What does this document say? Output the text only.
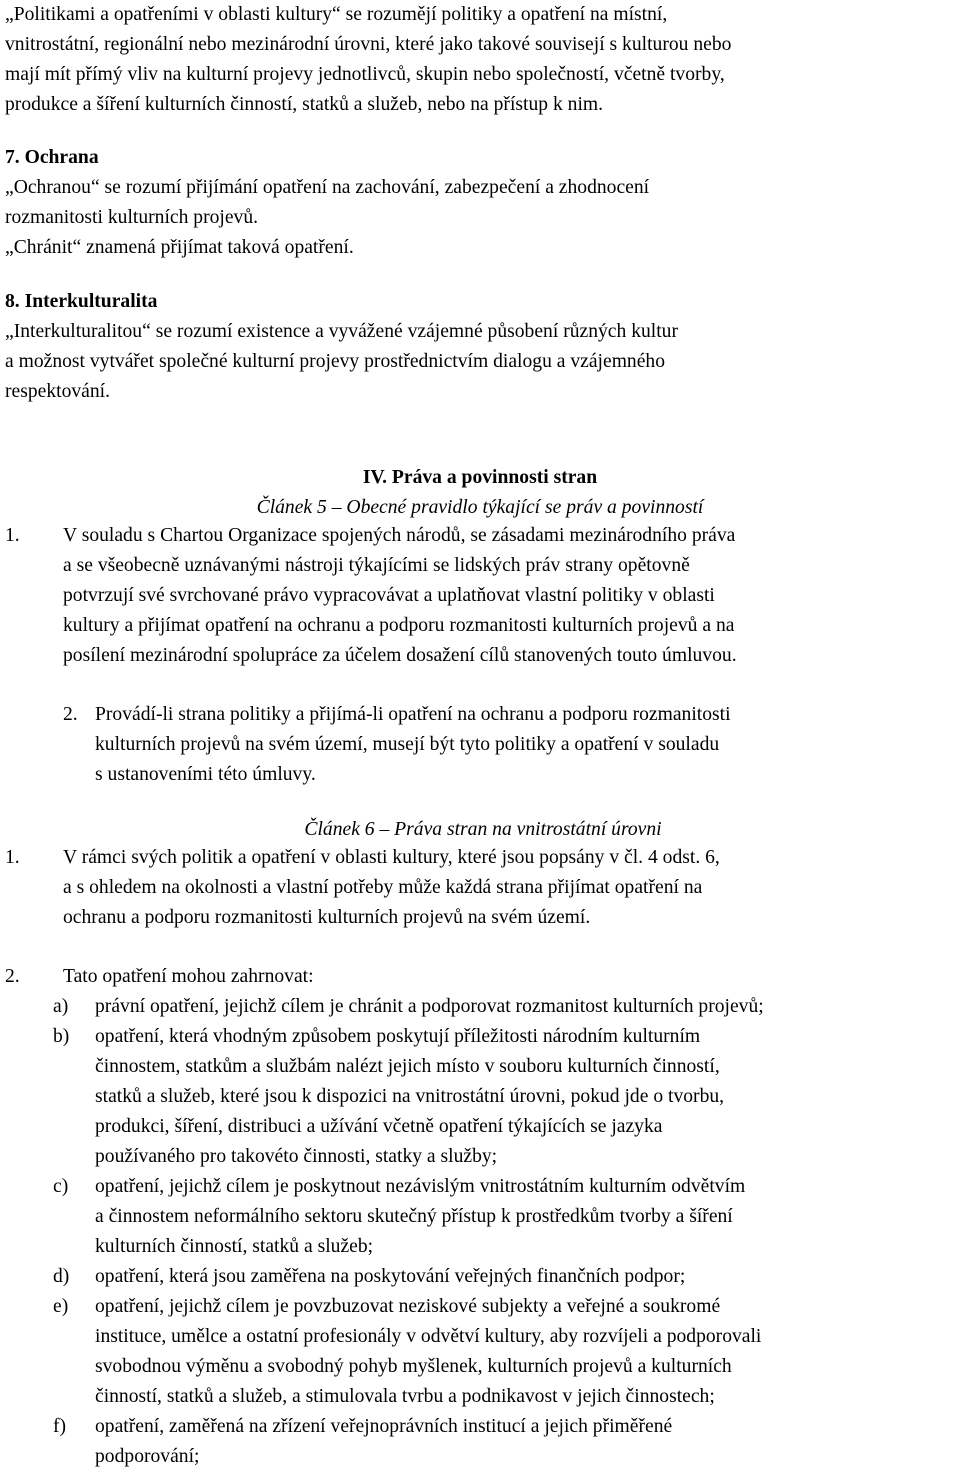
„Politikami a opatřeními v oblasti kultury“ se rozumějí politiky a opatření na místní,
vnitrostátní, regionální nebo mezinárodní úrovni, které jako takové souvisejí s kulturou nebo
mají mít přímý vliv na kulturní projevy jednotlivců, skupin nebo společností, včetně tvorby,
produkce a šíření kulturních činností, statků a služeb, nebo na přístup k nim.
7. Ochrana
„Ochranou“ se rozumí přijímání opatření na zachování, zabezpečení a zhodnocení
rozmanitosti kulturních projevů.
„Chránit“ znamená přijímat taková opatření.
8. Interkulturalita
„Interkulturalitou“ se rozumí existence a vyvážené vzájemné působení různých kultur
a možnost vytvářet společné kulturní projevy prostřednictvím dialogu a vzájemného
respektování.
IV. Práva a povinnosti stran
Článek 5 – Obecné pravidlo týkající se práv a povinností
1. V souladu s Chartou Organizace spojených národů, se zásadami mezinárodního práva
a se všeobecně uznávanými nástroji týkajícími se lidských práv strany opětovně
potvrzují své svrchované právo vypracovávat a uplatňovat vlastní politiky v oblasti
kultury a přijímat opatření na ochranu a podporu rozmanitosti kulturních projevů a na
posílení mezinárodní spolupráce za účelem dosažení cílů stanovených touto úmluvou.
2. Provádí-li strana politiky a přijímá-li opatření na ochranu a podporu rozmanitosti
kulturních projevů na svém území, musejí být tyto politiky a opatření v souladu
s ustanoveními této úmluvy.
Článek 6 – Práva stran na vnitrostátní úrovni
1. V rámci svých politik a opatření v oblasti kultury, které jsou popsány v čl. 4 odst. 6,
a s ohledem na okolnosti a vlastní potřeby může každá strana přijímat opatření na
ochranu a podporu rozmanitosti kulturních projevů na svém území.
2. Tato opatření mohou zahrnovat:
a) právní opatření, jejichž cílem je chránit a podporovat rozmanitost kulturních projevů;
b) opatření, která vhodným způsobem poskytují příležitosti národním kulturním
činnostem, statkům a službám nalézt jejich místo v souboru kulturních činností,
statků a služeb, které jsou k dispozici na vnitrostátní úrovni, pokud jde o tvorbu,
produkci, šíření, distribuci a užívání včetně opatření týkajících se jazyka
používaného pro takovéto činnosti, statky a služby;
c) opatření, jejichž cílem je poskytnout nezávislým vnitrostátním kulturním odvětvím
a činnostem neformálního sektoru skutečný přístup k prostředkům tvorby a šíření
kulturních činností, statků a služeb;
d) opatření, která jsou zaměřena na poskytování veřejných finančních podpor;
e) opatření, jejichž cílem je povzbuzovat neziskové subjekty a veřejné a soukromé
instituce, umělce a ostatní profesionály v odvětví kultury, aby rozvíjeli a podporovali
svobodnou výměnu a svobodný pohyb myšlenek, kulturních projevů a kulturních
činností, statků a služeb, a stimulovala tvrbu a podnikavost v jejich činnostech;
f) opatření, zaměřená na zřízení veřejnoprávních institucí a jejich přiměřené
podporování;
